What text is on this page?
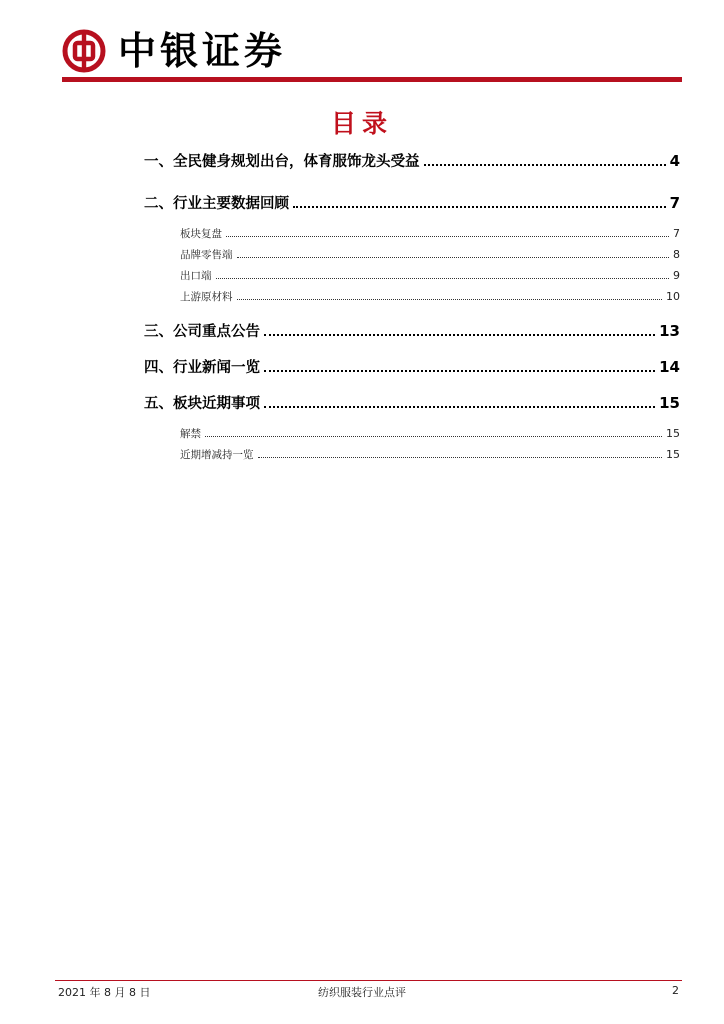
中银证券
目录
一、全民健身规划出台，体育服饰龙头受益	4
二、行业主要数据回顾	7
板块复盘	7
品牌零售端	8
出口端	9
上游原材料	10
三、公司重点公告	13
四、行业新闻一览	14
五、板块近期事项	15
解禁	15
近期增减持一览	15
2021 年 8 月 8 日	纺织服装行业点评	2
